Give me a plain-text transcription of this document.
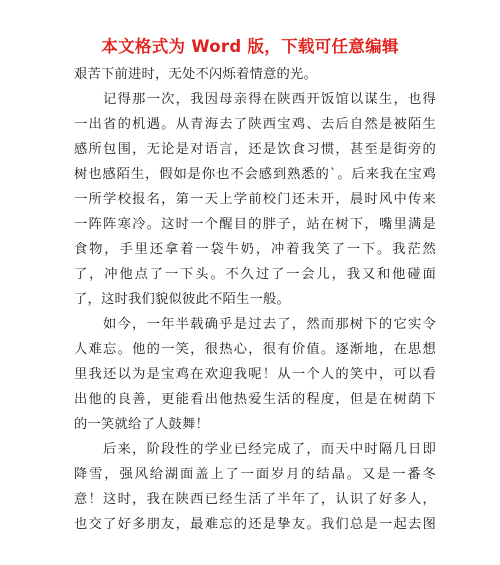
本文格式为 Word 版，下载可任意编辑
艰苦下前进时，无处不闪烁着情意的光。
记得那一次，我因母亲得在陕西开饭馆以谋生，也得
一出省的机遇。从青海去了陕西宝鸡、去后自然是被陌生
感所包围，无论是对语言，还是饮食习惯，甚至是街旁的
树也感陌生，假如是你也不会感到熟悉的`。后来我在宝鸡
一所学校报名，第一天上学前校门还未开，晨时风中传来
一阵阵寒冷。这时一个醒目的胖子，站在树下，嘴里满是
食物，手里还拿着一袋牛奶，冲着我笑了一下。我茫然
了，冲他点了一下头。不久过了一会儿，我又和他碰面
了，这时我们貌似彼此不陌生一般。
如今，一年半载确乎是过去了，然而那树下的它实令
人难忘。他的一笑，很热心，很有价值。逐渐地，在思想
里我还以为是宝鸡在欢迎我呢！从一个人的笑中，可以看
出他的良善，更能看出他热爱生活的程度，但是在树荫下
的一笑就给了人鼓舞！
后来，阶段性的学业已经完成了，而天中时隔几日即
降雪，强风给湖面盖上了一面岁月的结晶。又是一番冬
意！这时，我在陕西已经生活了半年了，认识了好多人，
也交了好多朋友，最难忘的还是挚友。我们总是一起去图
